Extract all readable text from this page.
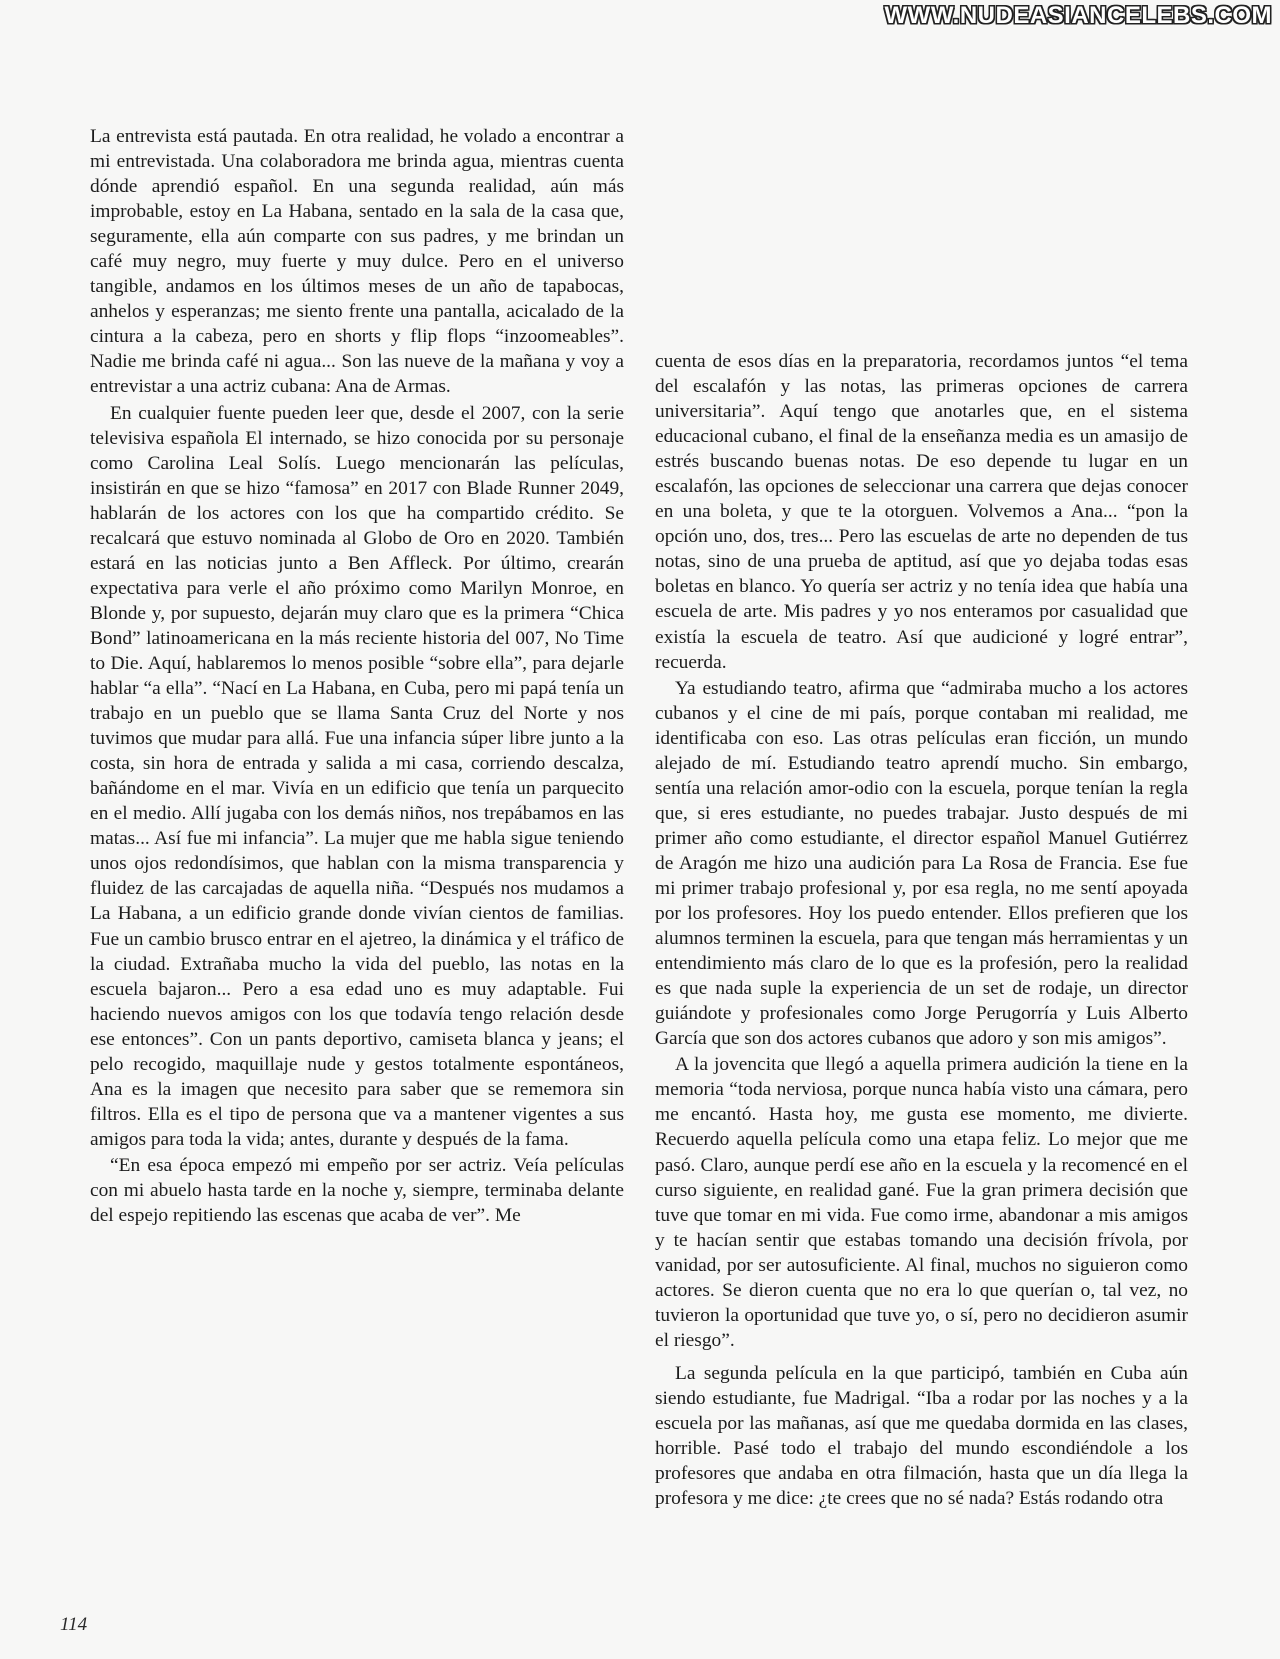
WWW.NUDEASIANCELEBS.COM

La entrevista está pautada. En otra realidad, he volado a encontrar a mi entrevistada. Una colaboradora me brinda agua, mientras cuenta dónde aprendió español. En una segunda realidad, aún más improbable, estoy en La Habana, sentado en la sala de la casa que, seguramente, ella aún comparte con sus padres, y me brindan un café muy negro, muy fuerte y muy dulce. Pero en el universo tangible, andamos en los últimos meses de un año de tapabocas, anhelos y esperanzas; me siento frente una pantalla, acicalado de la cintura a la cabeza, pero en shorts y flip flops “inzoomeables”. Nadie me brinda café ni agua... Son las nueve de la mañana y voy a entrevistar a una actriz cubana: Ana de Armas.

En cualquier fuente pueden leer que, desde el 2007, con la serie televisiva española El internado, se hizo conocida por su personaje como Carolina Leal Solís. Luego mencionarán las películas, insistirán en que se hizo “famosa” en 2017 con Blade Runner 2049, hablarán de los actores con los que ha compartido crédito. Se recalcará que estuvo nominada al Globo de Oro en 2020. También estará en las noticias junto a Ben Affleck. Por último, crearán expectativa para verle el año próximo como Marilyn Monroe, en Blonde y, por supuesto, dejarán muy claro que es la primera “Chica Bond” latinoamericana en la más reciente historia del 007, No Time to Die. Aquí, hablaremos lo menos posible “sobre ella”, para dejarle hablar “a ella”. “Nací en La Habana, en Cuba, pero mi papá tenía un trabajo en un pueblo que se llama Santa Cruz del Norte y nos tuvimos que mudar para allá. Fue una infancia súper libre junto a la costa, sin hora de entrada y salida a mi casa, corriendo descalza, bañándome en el mar. Vivía en un edificio que tenía un parquecito en el medio. Allí jugaba con los demás niños, nos trepábamos en las matas... Así fue mi infancia”. La mujer que me habla sigue teniendo unos ojos redondísimos, que hablan con la misma transparencia y fluidez de las carcajadas de aquella niña. “Después nos mudamos a La Habana, a un edificio grande donde vivían cientos de familias. Fue un cambio brusco entrar en el ajetreo, la dinámica y el tráfico de la ciudad. Extrañaba mucho la vida del pueblo, las notas en la escuela bajaron... Pero a esa edad uno es muy adaptable. Fui haciendo nuevos amigos con los que todavía tengo relación desde ese entonces”. Con un pants deportivo, camiseta blanca y jeans; el pelo recogido, maquillaje nude y gestos totalmente espontáneos, Ana es la imagen que necesito para saber que se rememora sin filtros. Ella es el tipo de persona que va a mantener vigentes a sus amigos para toda la vida; antes, durante y después de la fama.

“En esa época empezó mi empeño por ser actriz. Veía películas con mi abuelo hasta tarde en la noche y, siempre, terminaba delante del espejo repitiendo las escenas que acaba de ver”. Me

cuenta de esos días en la preparatoria, recordamos juntos “el tema del escalafón y las notas, las primeras opciones de carrera universitaria”. Aquí tengo que anotarles que, en el sistema educacional cubano, el final de la enseñanza media es un amasijo de estrés buscando buenas notas. De eso depende tu lugar en un escalafón, las opciones de seleccionar una carrera que dejas conocer en una boleta, y que te la otorguen. Volvemos a Ana... “pon la opción uno, dos, tres... Pero las escuelas de arte no dependen de tus notas, sino de una prueba de aptitud, así que yo dejaba todas esas boletas en blanco. Yo quería ser actriz y no tenía idea que había una escuela de arte. Mis padres y yo nos enteramos por casualidad que existía la escuela de teatro. Así que audicioné y logré entrar”, recuerda.

Ya estudiando teatro, afirma que “admiraba mucho a los actores cubanos y el cine de mi país, porque contaban mi realidad, me identificaba con eso. Las otras películas eran ficción, un mundo alejado de mí. Estudiando teatro aprendí mucho. Sin embargo, sentía una relación amor-odio con la escuela, porque tenían la regla que, si eres estudiante, no puedes trabajar. Justo después de mi primer año como estudiante, el director español Manuel Gutiérrez de Aragón me hizo una audición para La Rosa de Francia. Ese fue mi primer trabajo profesional y, por esa regla, no me sentí apoyada por los profesores. Hoy los puedo entender. Ellos prefieren que los alumnos terminen la escuela, para que tengan más herramientas y un entendimiento más claro de lo que es la profesión, pero la realidad es que nada suple la experiencia de un set de rodaje, un director guiándote y profesionales como Jorge Perugorría y Luis Alberto García que son dos actores cubanos que adoro y son mis amigos”.

A la jovencita que llegó a aquella primera audición la tiene en la memoria “toda nerviosa, porque nunca había visto una cámara, pero me encantó. Hasta hoy, me gusta ese momento, me divierte. Recuerdo aquella película como una etapa feliz. Lo mejor que me pasó. Claro, aunque perdí ese año en la escuela y la recomencé en el curso siguiente, en realidad gané. Fue la gran primera decisión que tuve que tomar en mi vida. Fue como irme, abandonar a mis amigos y te hacían sentir que estabas tomando una decisión frívola, por vanidad, por ser autosuficiente. Al final, muchos no siguieron como actores. Se dieron cuenta que no era lo que querían o, tal vez, no tuvieron la oportunidad que tuve yo, o sí, pero no decidieron asumir el riesgo”.

La segunda película en la que participó, también en Cuba aún siendo estudiante, fue Madrigal. “Iba a rodar por las noches y a la escuela por las mañanas, así que me quedaba dormida en las clases, horrible. Pasé todo el trabajo del mundo escondiéndole a los profesores que andaba en otra filmación, hasta que un día llega la profesora y me dice: ¿te crees que no sé nada? Estás rodando otra

114
